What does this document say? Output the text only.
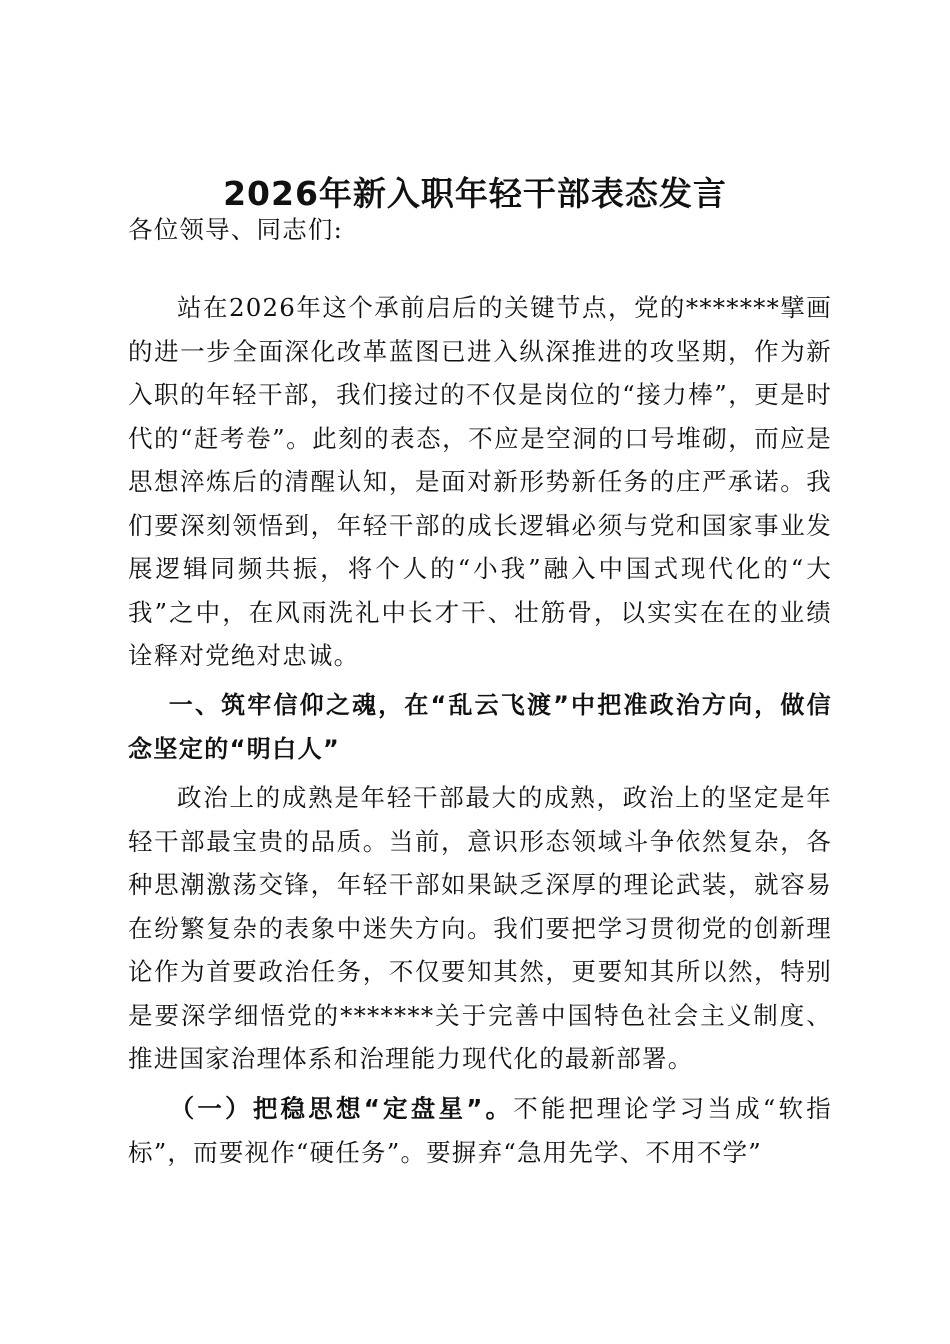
2026年新入职年轻干部表态发言

各位领导、同志们:

站在2026年这个承前启后的关键节点，党的*******擘画的进一步全面深化改革蓝图已进入纵深推进的攻坚期，作为新入职的年轻干部，我们接过的不仅是岗位的“接力棒”，更是时代的“赶考卷”。此刻的表态，不应是空洞的口号堆砌，而应是思想淬炼后的清醒认知，是面对新形势新任务的庄严承诺。我们要深刻领悟到，年轻干部的成长逻辑必须与党和国家事业发展逻辑同频共振，将个人的“小我”融入中国式现代化的“大我”之中，在风雨洗礼中长才干、壮筋骨，以实实在在的业绩诠释对党绝对忠诚。

一、筑牢信仰之魂，在“乱云飞渡”中把准政治方向，做信念坚定的“明白人”

政治上的成熟是年轻干部最大的成熟，政治上的坚定是年轻干部最宝贵的品质。当前，意识形态领域斗争依然复杂，各种思潮激荡交锋，年轻干部如果缺乏深厚的理论武装，就容易在纷繁复杂的表象中迷失方向。我们要把学习贯彻党的创新理论作为首要政治任务，不仅要知其然，更要知其所以然，特别是要深学细悟党的*******关于完善中国特色社会主义制度、推进国家治理体系和治理能力现代化的最新部署。

（一）把稳思想“定盘星”。不能把理论学习当成“软指标”，而要视作“硬任务”。要摒弃“急用先学、不用不学”
